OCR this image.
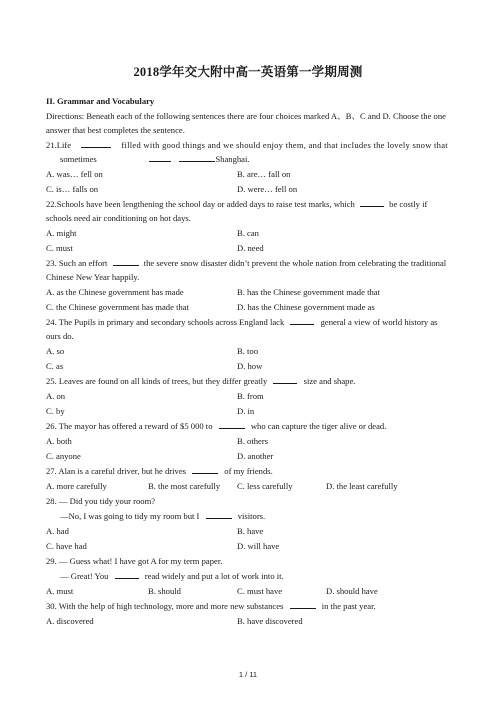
2018学年交大附中高一英语第一学期周测
II. Grammar and Vocabulary
Directions: Beneath each of the following sentences there are four choices marked A、B、C and D. Choose the one
answer that best completes the sentence.
21.Life	filled with good things and we should enjoy them, and that includes the lovely snow that
sometimes	Shanghai.
A. was… fell on	B. are… fall on
C. is… falls on	D. were… fell on
22.Schools have been lengthening the school day or added days to raise test marks, which	be costly if
schools need air conditioning on hot days.
A. might	B. can
C. must	D. need
23. Such an effort	the severe snow disaster didn’t prevent the whole nation from celebrating the traditional
Chinese New Year happily.
A. as the Chinese government has made	B. has the Chinese government made that
C. the Chinese government has made that	D. has the Chinese government made as
24. The Pupils in primary and secondary schools across England lack	general a view of world history as
ours do.
A. so	B. too
C. as	D. how
25. Leaves are found on all kinds of trees, but they differ greatly	size and shape.
A. on	B. from
C. by	D. in
26. The mayor has offered a reward of $5 000 to	who can capture the tiger alive or dead.
A. both	B. others
C. anyone	D. another
27. Alan is a careful driver, but he drives	of my friends.
A. more carefully	B. the most carefully C. less carefully	D. the least carefully
28. — Did you tidy your room?
—No, I was going to tidy my room but I	visitors.
A. had	B. have
C. have had	D. will have
29. — Guess what! I have got A for my term paper.
— Great! You	read widely and put a lot of work into it.
A. must	B. should	C. must have	D. should have
30. With the help of high technology, more and more new substances	in the past year.
A. discovered	B. have discovered
1 / 11
